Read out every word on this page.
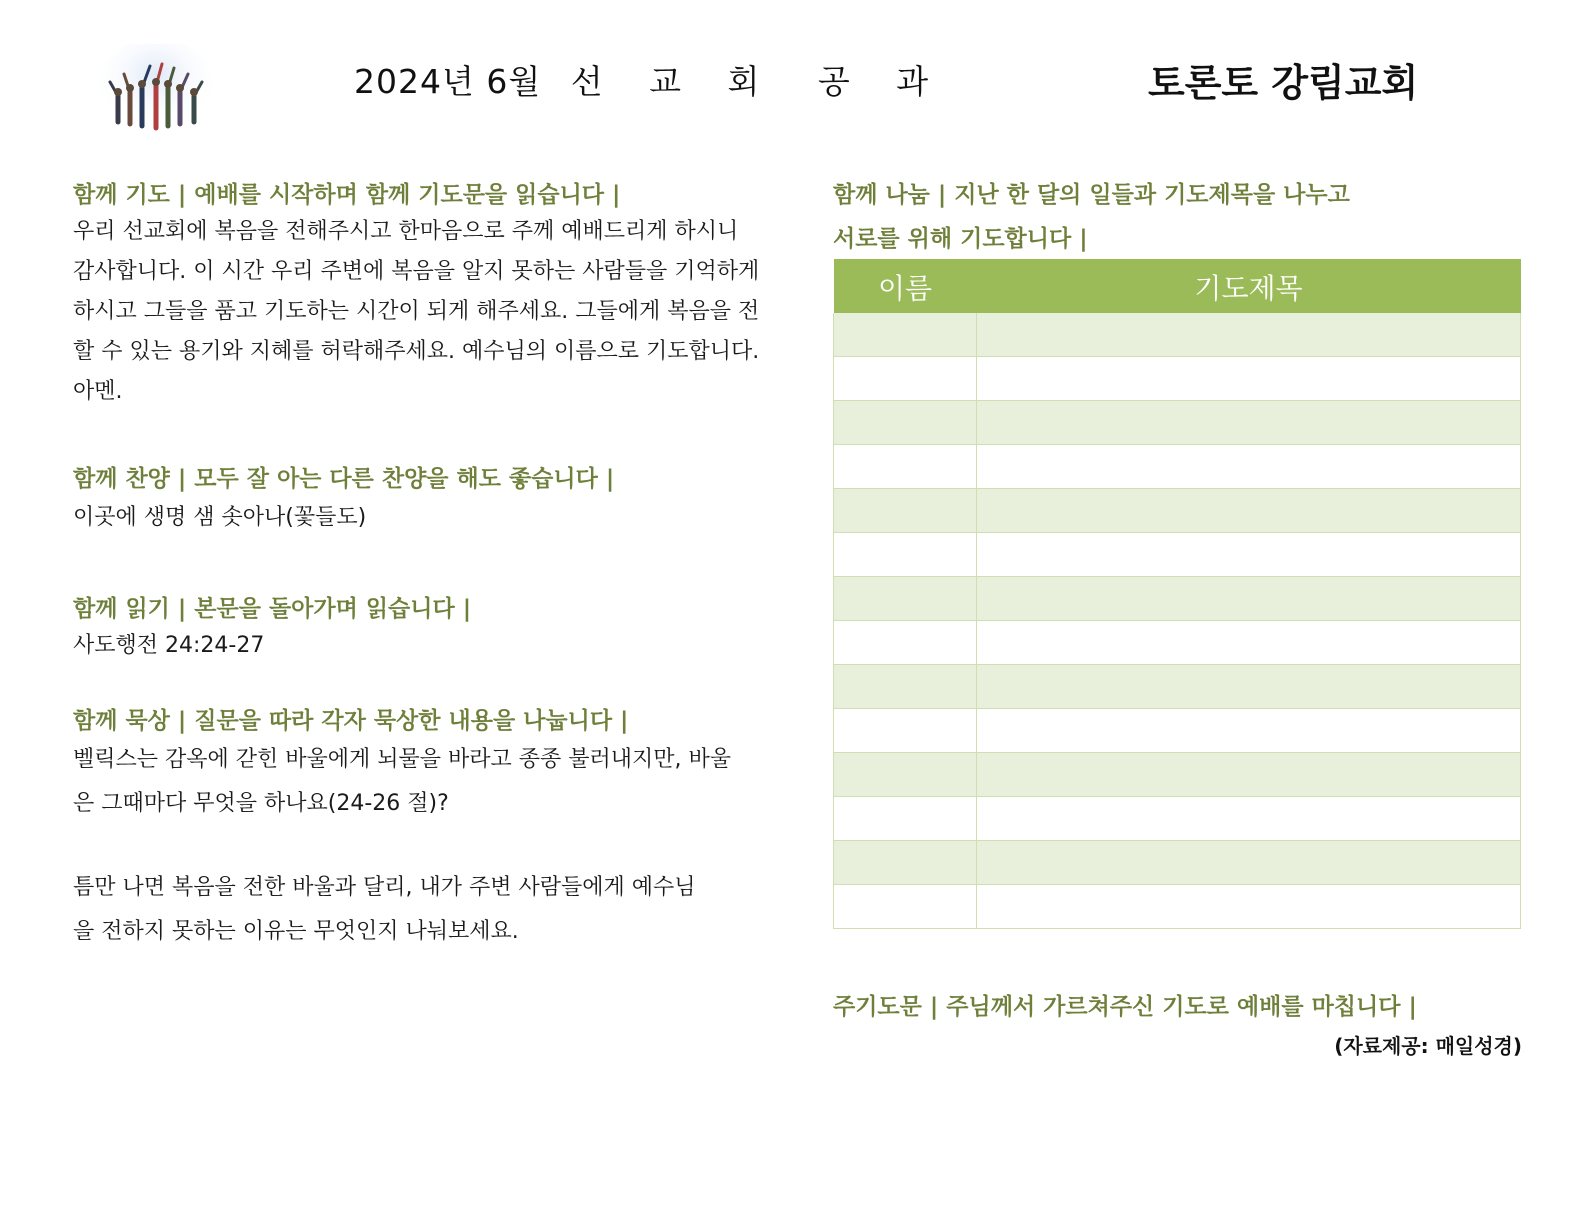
2024년 6월 선 교 회 공 과	토론토 강림교회
함께 기도 | 예배를 시작하며 함께 기도문을 읽습니다 |
우리 선교회에 복음을 전해주시고 한마음으로 주께 예배드리게 하시니 감사합니다. 이 시간 우리 주변에 복음을 알지 못하는 사람들을 기억하게 하시고 그들을 품고 기도하는 시간이 되게 해주세요. 그들에게 복음을 전할 수 있는 용기와 지혜를 허락해주세요. 예수님의 이름으로 기도합니다. 아멘.
함께 찬양 | 모두 잘 아는 다른 찬양을 해도 좋습니다 |
이곳에 생명 샘 솟아나(꽃들도)
함께 읽기 | 본문을 돌아가며 읽습니다 |
사도행전 24:24-27
함께 묵상 | 질문을 따라 각자 묵상한 내용을 나눕니다 |
벨릭스는 감옥에 갇힌 바울에게 뇌물을 바라고 종종 불러내지만, 바울은 그때마다 무엇을 하나요(24-26 절)?
틈만 나면 복음을 전한 바울과 달리, 내가 주변 사람들에게 예수님을 전하지 못하는 이유는 무엇인지 나눠보세요.
함께 나눔 | 지난 한 달의 일들과 기도제목을 나누고
서로를 위해 기도합니다 |
이름	기도제목

주기도문 | 주님께서 가르쳐주신 기도로 예배를 마칩니다 |
(자료제공: 매일성경)
